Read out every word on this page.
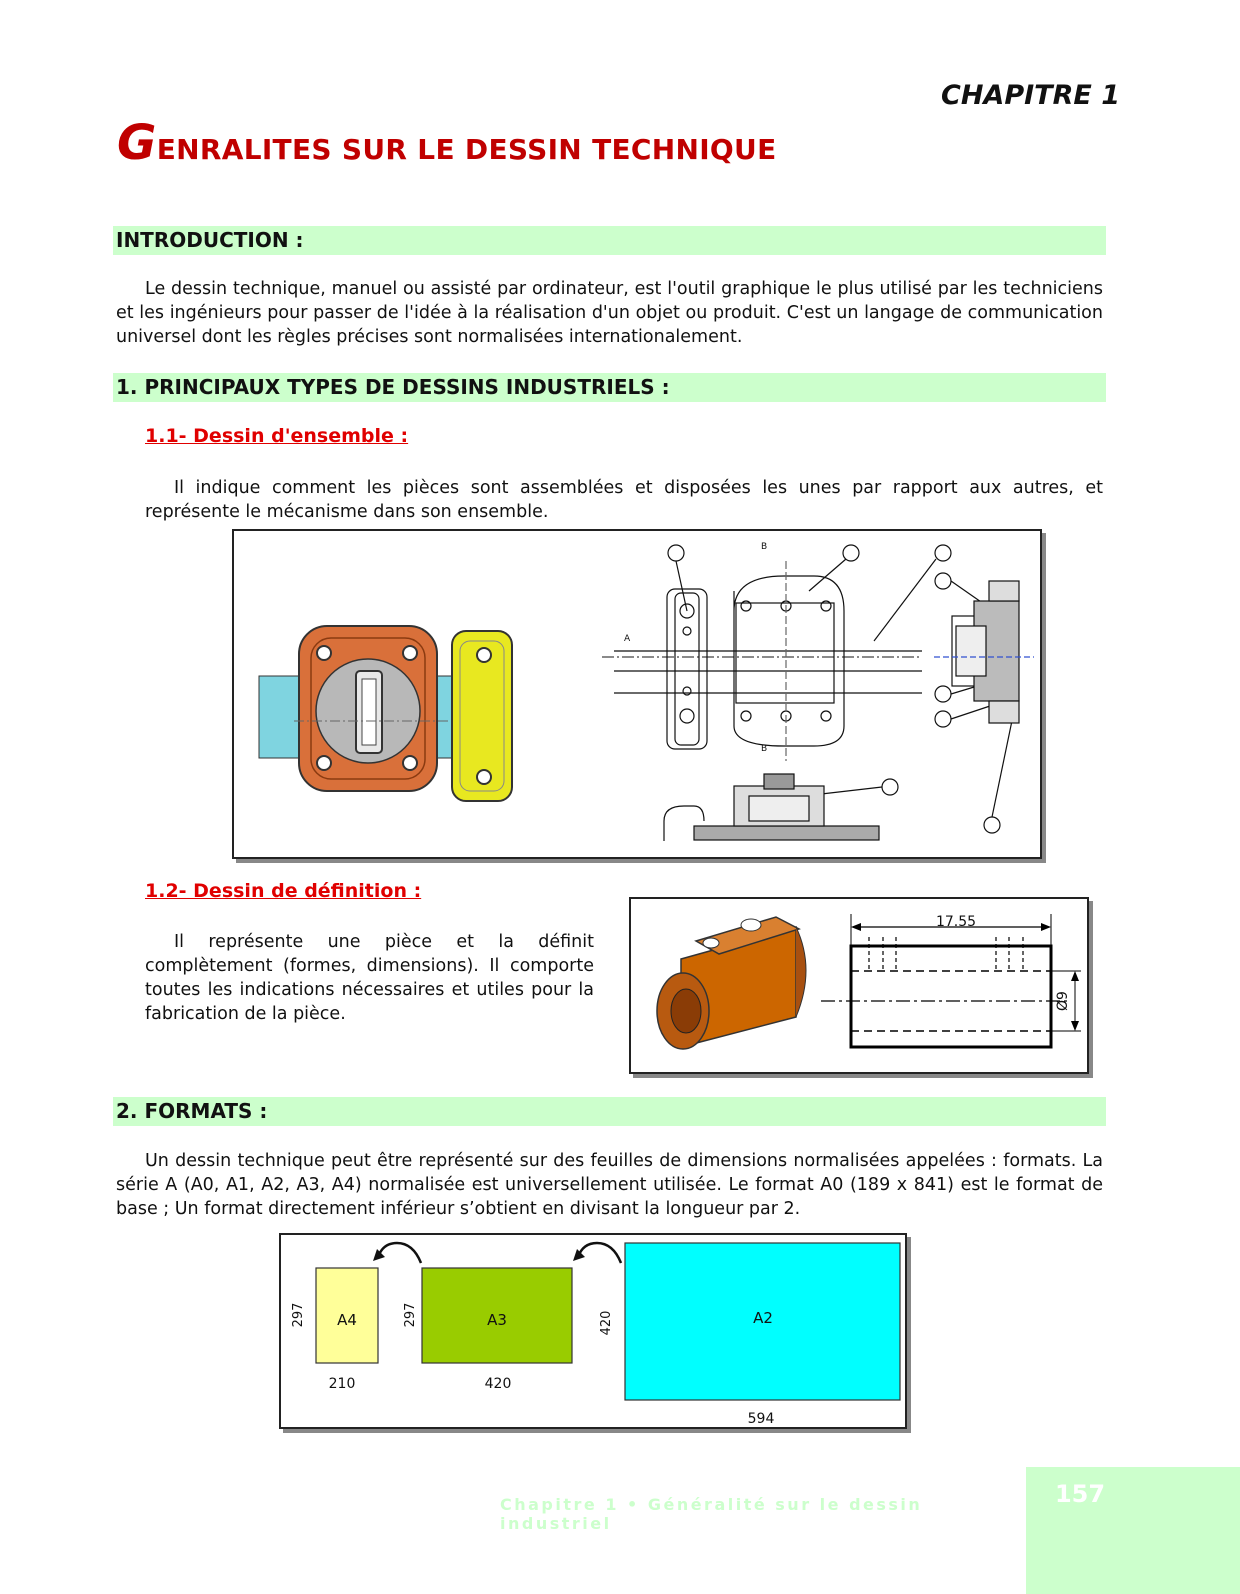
CHAPITRE 1
GENRALITES SUR LE DESSIN TECHNIQUE
INTRODUCTION :
Le dessin technique, manuel ou assisté par ordinateur, est l'outil graphique le plus utilisé par les techniciens et les ingénieurs pour passer de l'idée à la réalisation d'un objet ou produit. C'est un langage de communication universel dont les règles précises sont normalisées internationalement.
1. PRINCIPAUX TYPES DE DESSINS INDUSTRIELS :
1.1- Dessin d'ensemble :
Il indique comment les pièces sont assemblées et disposées les unes par rapport aux autres, et représente le mécanisme dans son ensemble.
A
B
B
1.2- Dessin de définition :
Il représente une pièce et la définit complètement (formes, dimensions). Il comporte toutes les indications nécessaires et utiles pour la fabrication de la pièce.
17.55
Ø9
2. FORMATS :
Un dessin technique peut être représenté sur des feuilles de dimensions normalisées appelées : formats. La série A (A0, A1, A2, A3, A4) normalisée est universellement utilisée. Le format A0 (189 x 841) est le format de base ; Un format directement inférieur s’obtient en divisant la longueur par 2.
A4
297
210
A3
297
420
A2
420
594
Chapitre 1 • Généralité sur le dessin industriel
157
